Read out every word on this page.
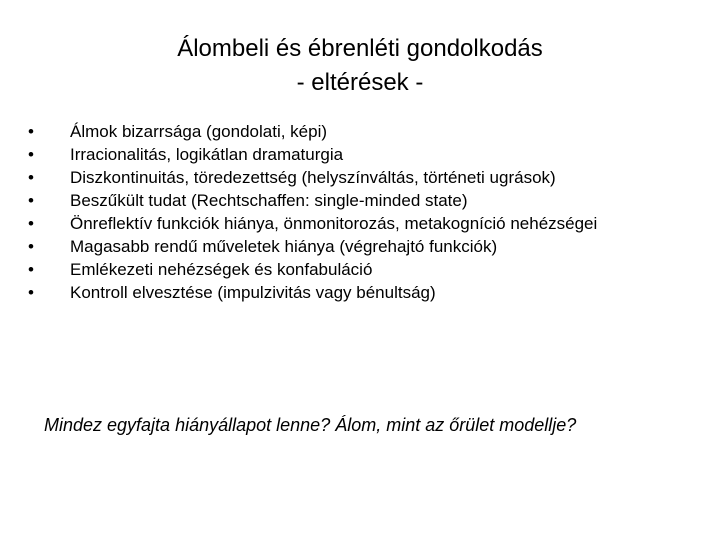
Álombeli és ébrenléti gondolkodás
- eltérések -
•	Álmok bizarrsága (gondolati, képi)
•	Irracionalitás, logikátlan dramaturgia
•	Diszkontinuitás, töredezettség (helyszínváltás, történeti ugrások)
•	Beszűkült tudat (Rechtschaffen: single-minded state)
•	Önreflektív funkciók hiánya, önmonitorozás, metakogníció nehézségei
•	Magasabb rendű műveletek hiánya (végrehajtó funkciók)
•	Emlékezeti nehézségek és konfabuláció
•	Kontroll elvesztése (impulzivitás vagy bénultság)
Mindez egyfajta hiányállapot lenne? Álom, mint az őrület modellje?
